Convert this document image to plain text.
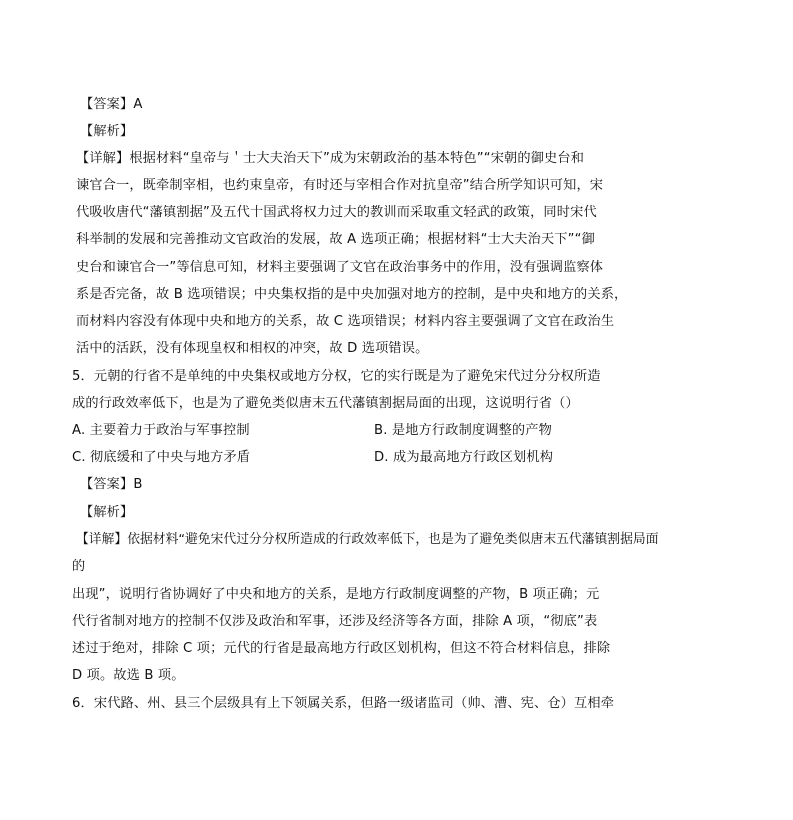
【答案】A
【解析】
【详解】根据材料“皇帝与＇士大夫治天下”成为宋朝政治的基本特色”“宋朝的御史台和
谏官合一，既牵制宰相，也约束皇帝，有时还与宰相合作对抗皇帝”结合所学知识可知，宋
代吸收唐代“藩镇割据”及五代十国武将权力过大的教训而采取重文轻武的政策，同时宋代
科举制的发展和完善推动文官政治的发展，故 A 选项正确；根据材料“士大夫治天下”“御
史台和谏官合一”等信息可知，材料主要强调了文官在政治事务中的作用，没有强调监察体
系是否完备，故 B 选项错误；中央集权指的是中央加强对地方的控制，是中央和地方的关系，
而材料内容没有体现中央和地方的关系，故 C 选项错误；材料内容主要强调了文官在政治生
活中的活跃，没有体现皇权和相权的冲突，故 D 选项错误。
5．元朝的行省不是单纯的中央集权或地方分权，它的实行既是为了避免宋代过分分权所造
成的行政效率低下，也是为了避免类似唐末五代藩镇割据局面的出现，这说明行省（）
A. 主要着力于政治与军事控制	B. 是地方行政制度调整的产物
C. 彻底缓和了中央与地方矛盾	D. 成为最高地方行政区划机构
【答案】B
【解析】
【详解】依据材料“避免宋代过分分权所造成的行政效率低下，也是为了避免类似唐末五代藩镇割据局面
的
出现”，说明行省协调好了中央和地方的关系，是地方行政制度调整的产物，B 项正确；元
代行省制对地方的控制不仅涉及政治和军事，还涉及经济等各方面，排除 A 项，“彻底”表
述过于绝对，排除 C 项；元代的行省是最高地方行政区划机构，但这不符合材料信息，排除
D 项。故选 B 项。
6．宋代路、州、县三个层级具有上下领属关系，但路一级诸监司（帅、漕、宪、仓）互相牵
